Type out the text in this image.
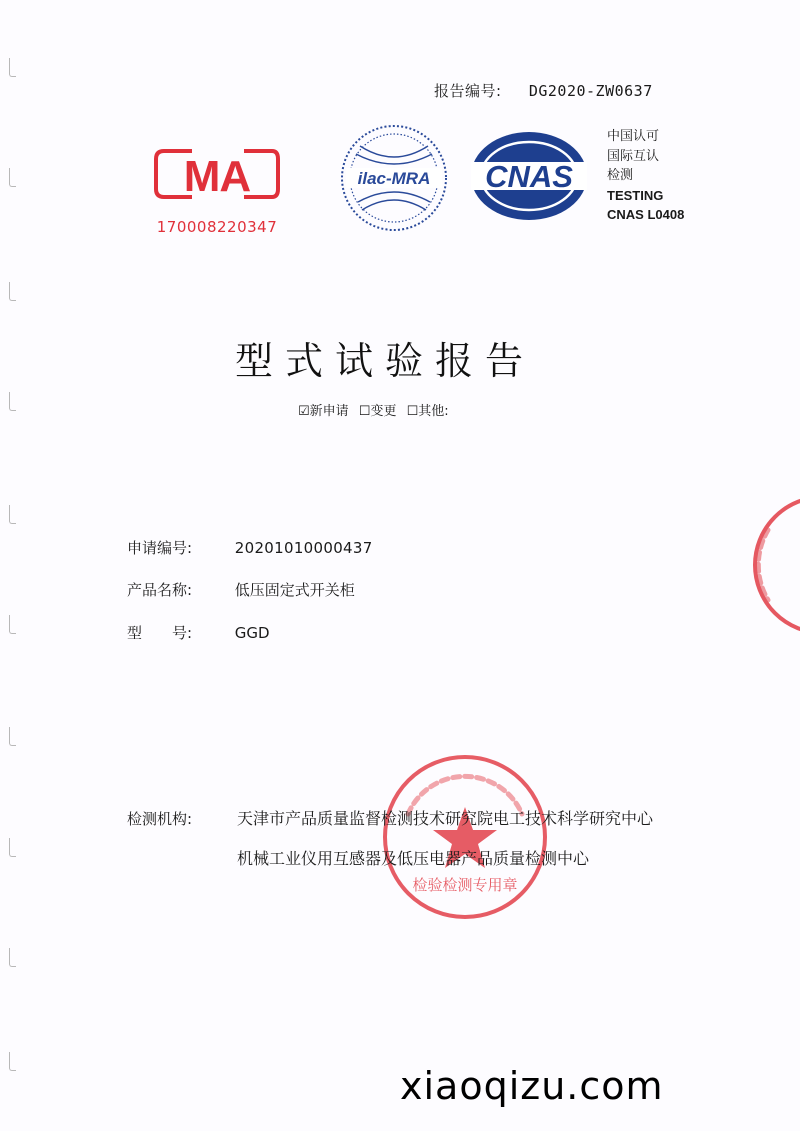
报告编号: DG2020-ZW0637
MA
170008220347
ilac-MRA CNAS
中国认可
国际互认
检测
TESTING
CNAS L0408
型式试验报告
☑新申请 ☐变更 ☐其他:
申请编号:	20201010000437
产品名称:	低压固定式开关柜
型　　号:	GGD
检验检测专用章
检测机构:	天津市产品质量监督检测技术研究院电工技术科学研究中心
机械工业仪用互感器及低压电器产品质量检测中心
xiaoqizu.com
